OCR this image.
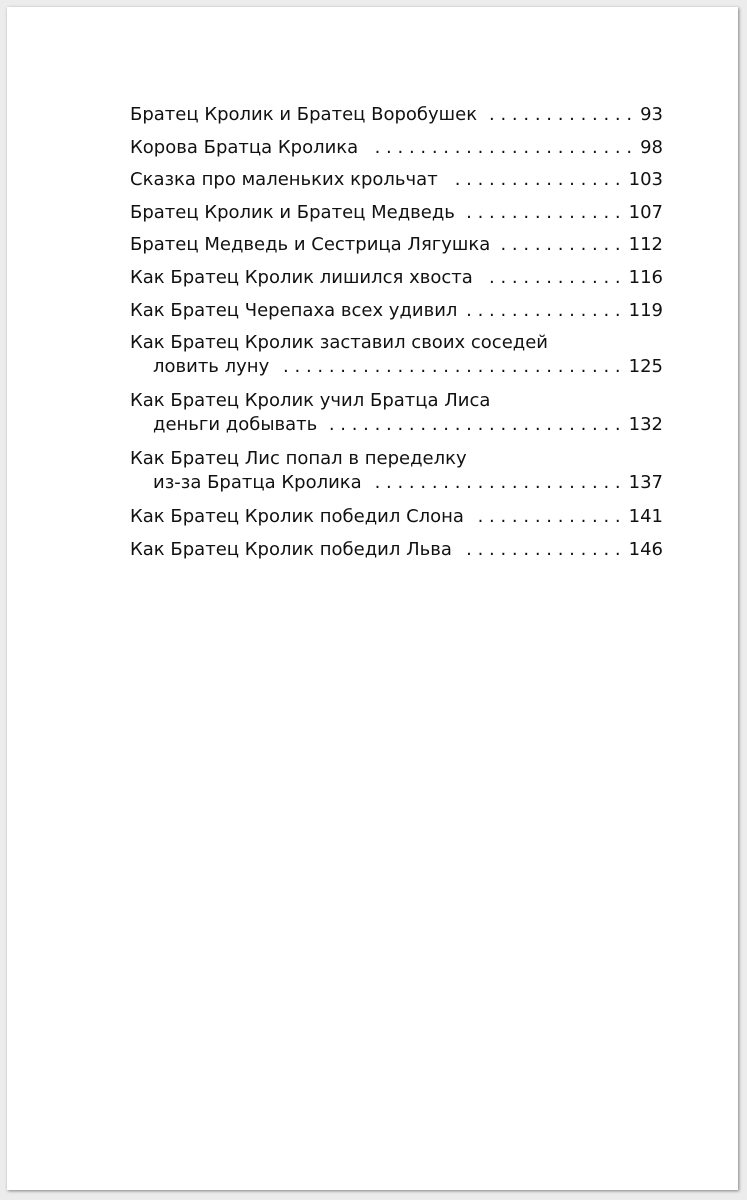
Братец Кролик и Братец Воробушек . . .	93
Корова Братца Кролика . . .	98
Сказка про маленьких крольчат . . .	103
Братец Кролик и Братец Медведь . . .	107
Братец Медведь и Сестрица Лягушка . . .	112
Как Братец Кролик лишился хвоста . . .	116
Как Братец Черепаха всех удивил . . .	119
Как Братец Кролик заставил своих соседей
ловить луну . . .	125
Как Братец Кролик учил Братца Лиса
деньги добывать . . .	132
Как Братец Лис попал в переделку
из-за Братца Кролика . . .	137
Как Братец Кролик победил Слона . . .	141
Как Братец Кролик победил Льва . . .	146
